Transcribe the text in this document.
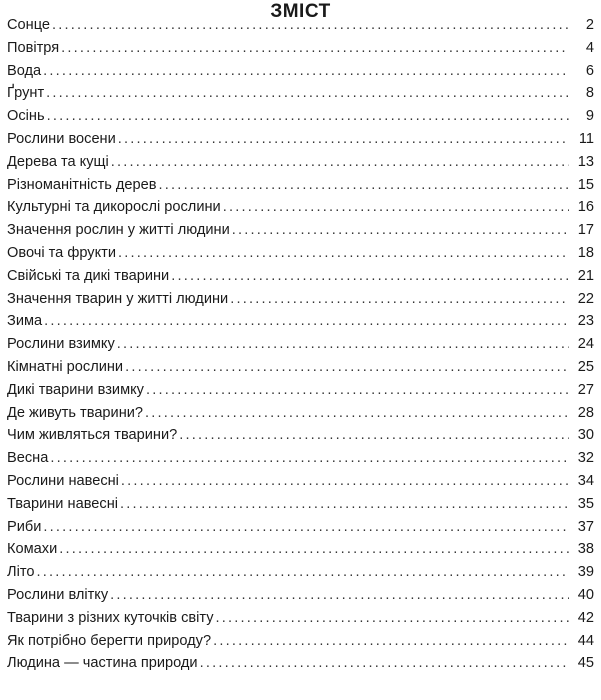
ЗМІСТ
Сонце .....	2
Повітря .....	4
Вода .....	6
Ґрунт .....	8
Осінь .....	9
Рослини восени .....	11
Дерева та кущі .....	13
Різноманітність дерев .....	15
Культурні та дикорослі рослини .....	16
Значення рослин у житті людини .....	17
Овочі та фрукти .....	18
Свійські та дикі тварини .....	21
Значення тварин у житті людини .....	22
Зима .....	23
Рослини взимку .....	24
Кімнатні рослини .....	25
Дикі тварини взимку .....	27
Де живуть тварини? .....	28
Чим живляться тварини? .....	30
Весна .....	32
Рослини навесні .....	34
Тварини навесні .....	35
Риби .....	37
Комахи .....	38
Літо .....	39
Рослини влітку .....	40
Тварини з різних куточків світу .....	42
Як потрібно берегти природу? .....	44
Людина — частина природи .....	45
